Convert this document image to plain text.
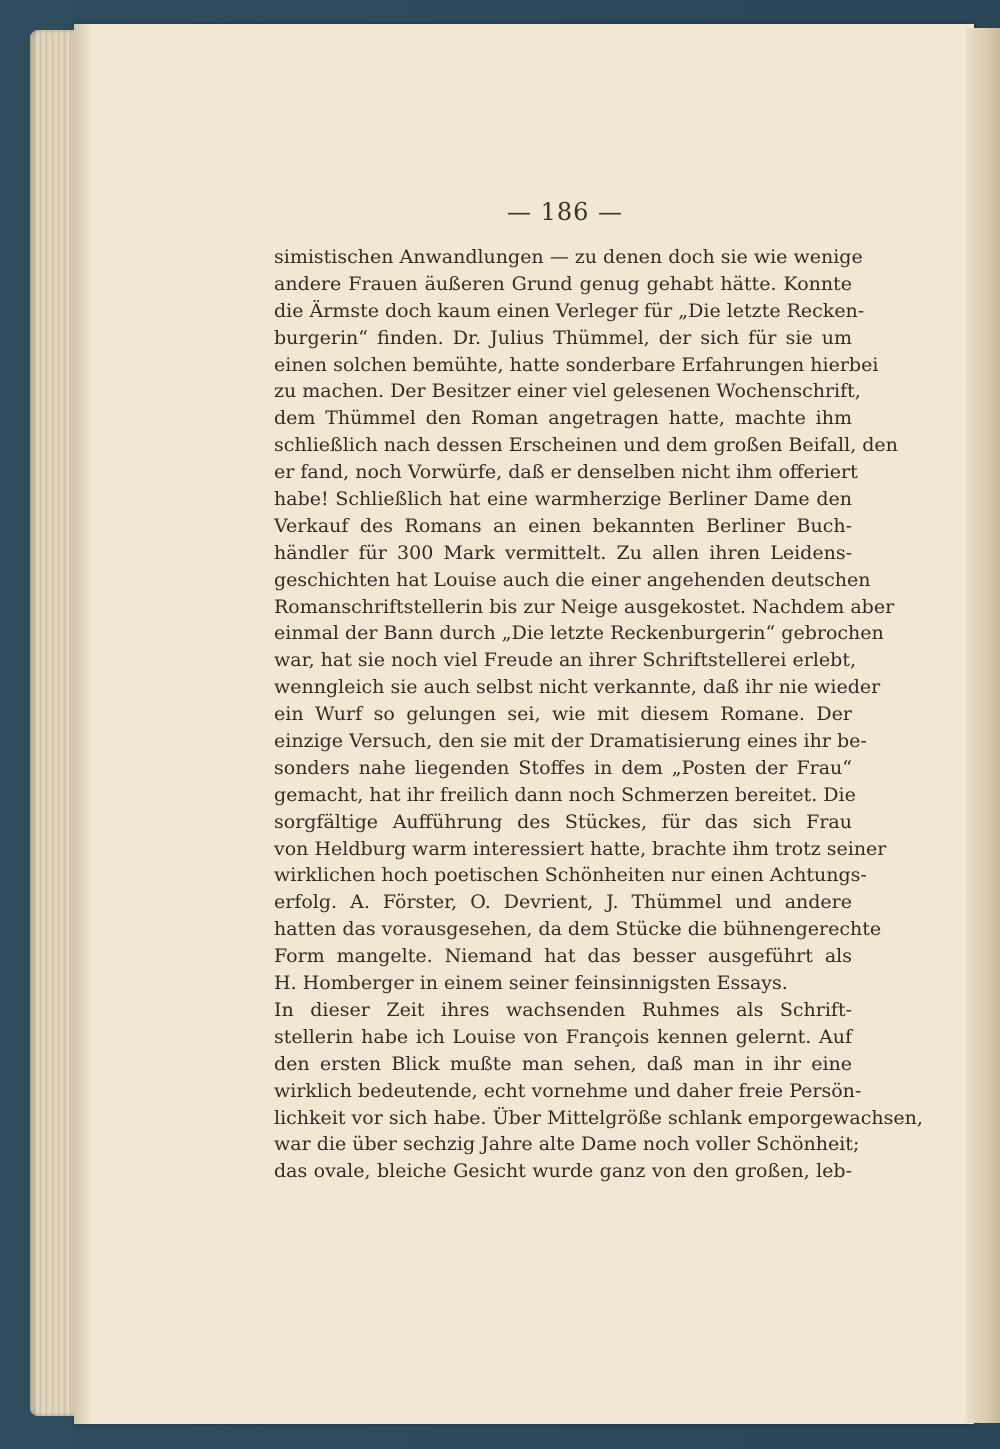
— 186 —
simistischen Anwandlungen — zu denen doch sie wie wenige
andere Frauen äußeren Grund genug gehabt hätte. Konnte
die Ärmste doch kaum einen Verleger für „Die letzte Recken-
burgerin“ finden. Dr. Julius Thümmel, der sich für sie um
einen solchen bemühte, hatte sonderbare Erfahrungen hierbei
zu machen. Der Besitzer einer viel gelesenen Wochenschrift,
dem Thümmel den Roman angetragen hatte, machte ihm
schließlich nach dessen Erscheinen und dem großen Beifall, den
er fand, noch Vorwürfe, daß er denselben nicht ihm offeriert
habe! Schließlich hat eine warmherzige Berliner Dame den
Verkauf des Romans an einen bekannten Berliner Buch-
händler für 300 Mark vermittelt. Zu allen ihren Leidens-
geschichten hat Louise auch die einer angehenden deutschen
Romanschriftstellerin bis zur Neige ausgekostet. Nachdem aber
einmal der Bann durch „Die letzte Reckenburgerin“ gebrochen
war, hat sie noch viel Freude an ihrer Schriftstellerei erlebt,
wenngleich sie auch selbst nicht verkannte, daß ihr nie wieder
ein Wurf so gelungen sei, wie mit diesem Romane. Der
einzige Versuch, den sie mit der Dramatisierung eines ihr be-
sonders nahe liegenden Stoffes in dem „Posten der Frau“
gemacht, hat ihr freilich dann noch Schmerzen bereitet. Die
sorgfältige Aufführung des Stückes, für das sich Frau
von Heldburg warm interessiert hatte, brachte ihm trotz seiner
wirklichen hoch poetischen Schönheiten nur einen Achtungs-
erfolg. A. Förster, O. Devrient, J. Thümmel und andere
hatten das vorausgesehen, da dem Stücke die bühnengerechte
Form mangelte. Niemand hat das besser ausgeführt als
H. Homberger in einem seiner feinsinnigsten Essays.
In dieser Zeit ihres wachsenden Ruhmes als Schrift-
stellerin habe ich Louise von François kennen gelernt. Auf
den ersten Blick mußte man sehen, daß man in ihr eine
wirklich bedeutende, echt vornehme und daher freie Persön-
lichkeit vor sich habe. Über Mittelgröße schlank emporgewachsen,
war die über sechzig Jahre alte Dame noch voller Schönheit;
das ovale, bleiche Gesicht wurde ganz von den großen, leb-
